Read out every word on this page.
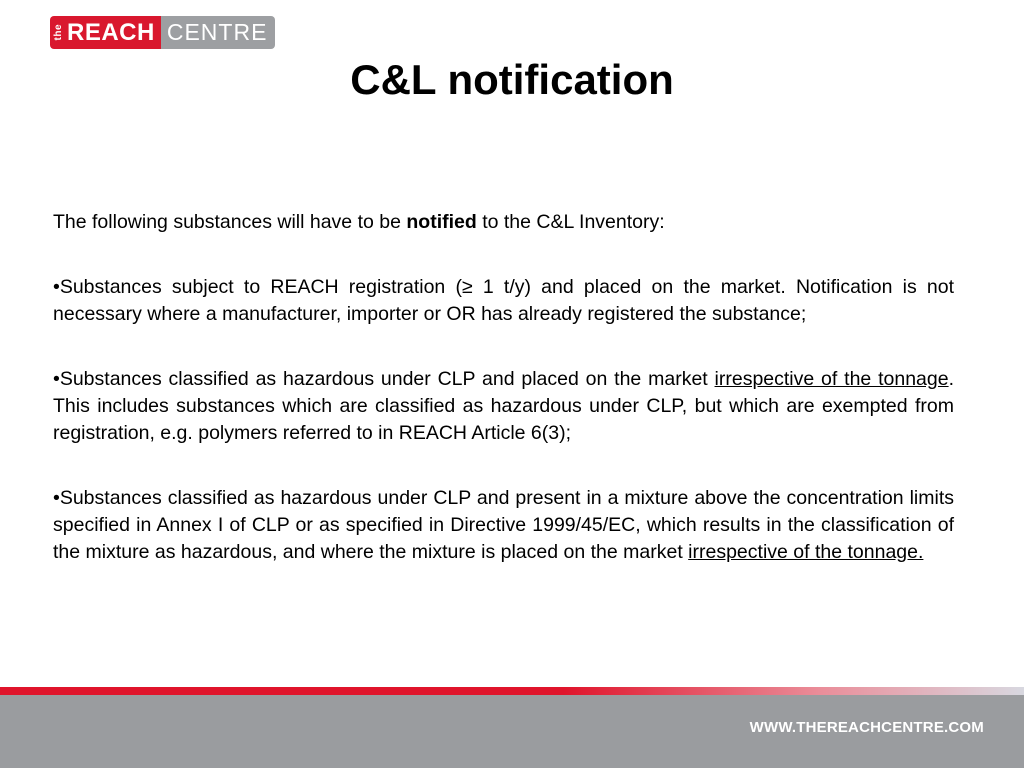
the REACH CENTRE
C&L notification

The following substances will have to be notified to the C&L Inventory:

•Substances subject to REACH registration (≥ 1 t/y) and placed on the market. Notification is not necessary where a manufacturer, importer or OR has already registered the substance;

•Substances classified as hazardous under CLP and placed on the market irrespective of the tonnage. This includes substances which are classified as hazardous under CLP, but which are exempted from registration, e.g. polymers referred to in REACH Article 6(3);

•Substances classified as hazardous under CLP and present in a mixture above the concentration limits specified in Annex I of CLP or as specified in Directive 1999/45/EC, which results in the classification of the mixture as hazardous, and where the mixture is placed on the market irrespective of the tonnage.

WWW.THEREACHCENTRE.COM
